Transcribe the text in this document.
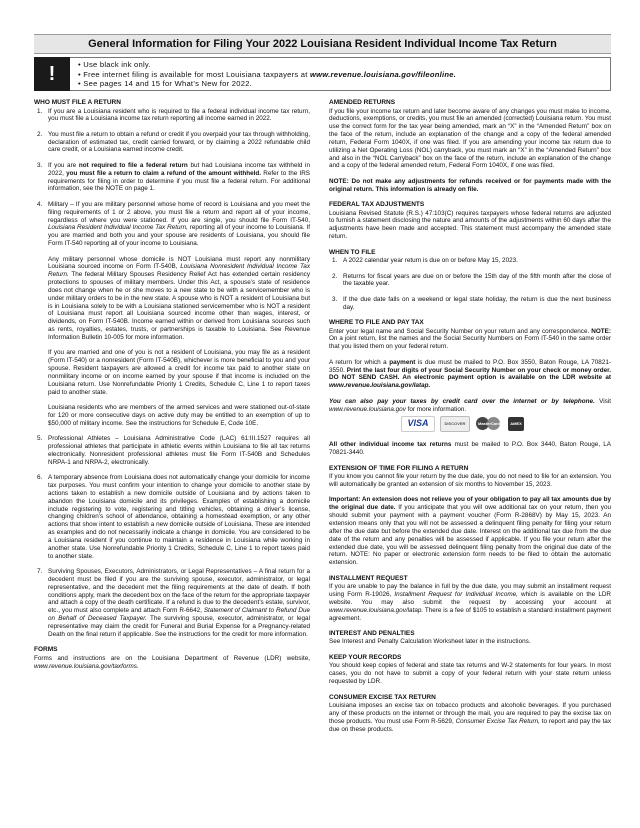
General Information for Filing Your 2022 Louisiana Resident Individual Income Tax Return
!
•	Use black ink only.
• Free internet filing is available for most Louisiana taxpayers at www.revenue.louisiana.gov/fileonline.
• See pages 14 and 15 for What’s New for 2022.
WHO MUST FILE A RETURN
1. If you are a Louisiana resident who is required to file a federal individual income tax return, you must file a Louisiana income tax return reporting all income earned in 2022.
2. You must file a return to obtain a refund or credit if you overpaid your tax through withholding, declaration of estimated tax, credit carried forward, or by claiming a 2022 refundable child care credit, or a Louisiana earned income credit.
3. If you are not required to file a federal return but had Louisiana income tax withheld in 2022, you must file a return to claim a refund of the amount withheld. Refer to the IRS requirements for filing in order to determine if you must file a federal return. For additional information, see the NOTE on page 1.
4. Military – If you are military personnel whose home of record is Louisiana and you meet the filing requirements of 1 or 2 above, you must file a return and report all of your income, regardless of where you were stationed. If you are single, you should file Form IT-540, Louisiana Resident Individual Income Tax Return, reporting all of your income to Louisiana. If you are married and both you and your spouse are residents of Louisiana, you should file Form IT-540 reporting all of your income to Louisiana.

Any military personnel whose domicile is NOT Louisiana must report any nonmilitary Louisiana sourced income on Form IT-540B, Louisiana Nonresident Individual Income Tax Return. The federal Military Spouses Residency Relief Act has extended certain residency protections to spouses of military members. Under this Act, a spouse’s state of residence does not change when he or she moves to a new state to be with a servicemember who is under military orders to be in the new state. A spouse who is NOT a resident of Louisiana but is in Louisiana solely to be with a Louisiana stationed servicemember who is NOT a resident of Louisiana must report all Louisiana sourced income other than wages, interest, or dividends, on Form IT-540B. Income earned within or derived from Louisiana sources such as rents, royalties, estates, trusts, or partnerships is taxable to Louisiana. See Revenue Information Bulletin 10-005 for more information.

If you are married and one of you is not a resident of Louisiana, you may file as a resident (Form IT-540) or a nonresident (Form IT-540B), whichever is more beneficial to you and your spouse. Resident taxpayers are allowed a credit for income tax paid to another state on nonmilitary income or on income earned by your spouse if that income is included on the Louisiana return. Use Nonrefundable Priority 1 Credits, Schedule C, Line 1 to report taxes paid to another state.

Louisiana residents who are members of the armed services and were stationed out-of-state for 120 or more consecutive days on active duty may be entitled to an exemption of up to $50,000 of military income. See the instructions for Schedule E, Code 10E.

5. Professional Athletes – Louisiana Administrative Code (LAC) 61:III.1527 requires all professional athletes that participate in athletic events within Louisiana to file all tax returns electronically. Nonresident professional athletes must file Form IT-540B and Schedules NRPA-1 and NRPA-2, electronically.
6. A temporary absence from Louisiana does not automatically change your domicile for income tax purposes. You must confirm your intention to change your domicile to another state by actions taken to establish a new domicile outside of Louisiana and by actions taken to abandon the Louisiana domicile and its privileges. Examples of establishing a domicile include registering to vote, registering and titling vehicles, obtaining a driver’s license, changing children’s school of attendance, obtaining a homestead exemption, or any other actions that show intent to establish a new domicile outside of Louisiana. These are intended as examples and do not necessarily indicate a change in domicile. You are considered to be a Louisiana resident if you continue to maintain a residence in Louisiana while working in another state. Use Nonrefundable Priority 1 Credits, Schedule C, Line 1 to report taxes paid to another state.
7. Surviving Spouses, Executors, Administrators, or Legal Representatives – A final return for a decedent must be filed if you are the surviving spouse, executor, administrator, or legal representative, and the decedent met the filing requirements at the date of death. If both conditions apply, mark the decedent box on the face of the return for the appropriate taxpayer and attach a copy of the death certificate. If a refund is due to the decedent’s estate, survivor, etc., you must also complete and attach Form R-6642, Statement of Claimant to Refund Due on Behalf of Deceased Taxpayer. The surviving spouse, executor, administrator, or legal representative may claim the credit for Funeral and Burial Expense for a Pregnancy-related Death on the final return if applicable. See the instructions for the credit for more information.
FORMS

Forms and instructions are on the Louisiana Department of Revenue (LDR) website, www.revenue.louisiana.gov/taxforms.

AMENDED RETURNS

If you file your income tax return and later become aware of any changes you must make to income, deductions, exemptions, or credits, you must file an amended (corrected) Louisiana return. You must use the correct form for the tax year being amended, mark an “X” in the “Amended Return” box on the face of the return, include an explanation of the change and a copy of the federal amended return, Federal Form 1040X, if one was filed. If you are amending your income tax return due to utilizing a Net Operating Loss (NOL) carryback, you must mark an “X” in the “Amended Return” box and also in the “NOL Carryback” box on the face of the return, include an explanation of the change and a copy of the federal amended return, Federal Form 1040X, if one was filed.

NOTE: Do not make any adjustments for refunds received or for payments made with the original return. This information is already on file.

FEDERAL TAX ADJUSTMENTS

Louisiana Revised Statute (R.S.) 47:103(C) requires taxpayers whose federal returns are adjusted to furnish a statement disclosing the nature and amounts of the adjustments within 60 days after the adjustments have been made and accepted. This statement must accompany the amended state return.

WHEN TO FILE
1. A 2022 calendar year return is due on or before May 15, 2023.
2. Returns for fiscal years are due on or before the 15th day of the fifth month after the close of the taxable year.
3. If the due date falls on a weekend or legal state holiday, the return is due the next business day.
WHERE TO FILE AND PAY TAX

Enter your legal name and Social Security Number on your return and any correspondence. NOTE: On a joint return, list the names and the Social Security Numbers on Form IT-540 in the same order that you listed them on your federal return.

A return for which a payment is due must be mailed to P.O. Box 3550, Baton Rouge, LA 70821-3550. Print the last four digits of your Social Security Number on your check or money order. DO NOT SEND CASH. An electronic payment option is available on the LDR website at www.revenue.louisiana.gov/latap.

You can also pay your taxes by credit card over the internet or by telephone. Visit www.revenue.louisiana.gov for more information.

VISA	DISCOVER	MasterCard	AMEX

All other individual income tax returns must be mailed to P.O. Box 3440, Baton Rouge, LA 70821-3440.

EXTENSION OF TIME FOR FILING A RETURN

If you know you cannot file your return by the due date, you do not need to file for an extension. You will automatically be granted an extension of six months to November 15, 2023.

Important: An extension does not relieve you of your obligation to pay all tax amounts due by the original due date. If you anticipate that you will owe additional tax on your return, then you should submit your payment with a payment voucher (Form R-2868V) by May 15, 2023. An extension means only that you will not be assessed a delinquent filing penalty for filing your return after the due date but before the extended due date. Interest on the additional tax due from the due date of the return and any penalties will be assessed if applicable. If you file your return after the extended due date, you will be assessed delinquent filing penalty from the original due date of the return. NOTE: No paper or electronic extension form needs to be filed to obtain the automatic extension.

INSTALLMENT REQUEST

If you are unable to pay the balance in full by the due date, you may submit an installment request using Form R-19026, Installment Request for Individual Income, which is available on the LDR website. You may also submit the request by accessing your account at www.revenue.louisiana.gov/latap. There is a fee of $105 to establish a standard installment payment agreement.

INTEREST AND PENALTIES

See Interest and Penalty Calculation Worksheet later in the instructions.

KEEP YOUR RECORDS

You should keep copies of federal and state tax returns and W-2 statements for four years. In most cases, you do not have to submit a copy of your federal return with your state return unless requested by LDR.

CONSUMER EXCISE TAX RETURN

Louisiana imposes an excise tax on tobacco products and alcoholic beverages. If you purchased any of these products on the internet or through the mail, you are required to pay the excise tax on those products. You must use Form R-5629, Consumer Excise Tax Return, to report and pay the tax due on these products.
